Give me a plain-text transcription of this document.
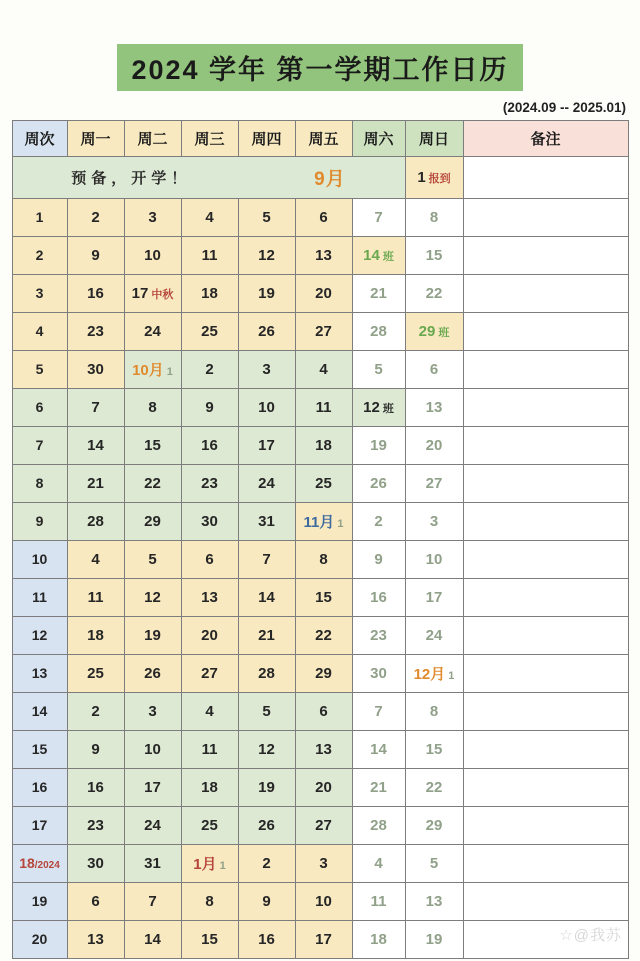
2024 学年 第一学期工作日历
(2024.09 -- 2025.01)
周次	周一	周二	周三	周四	周五	周六	周日	备注

预备，开学！ 9月							1 报到	
1	2	3	4	5	6	7	8	
2	9	10	11	12	13	14 班	15	
3	16	17 中秋	18	19	20	21	22	
4	23	24	25	26	27	28	29 班	
5	30	10月 1	2	3	4	5	6	
6	7	8	9	10	11	12 班	13	
7	14	15	16	17	18	19	20	
8	21	22	23	24	25	26	27	
9	28	29	30	31	11月 1	2	3	
10	4	5	6	7	8	9	10	
11	11	12	13	14	15	16	17	
12	18	19	20	21	22	23	24	
13	25	26	27	28	29	30	12月 1	
14	2	3	4	5	6	7	8	
15	9	10	11	12	13	14	15	
16	16	17	18	19	20	21	22	
17	23	24	25	26	27	28	29	
18/2024	30	31	1月 1	2	3	4	5	
19	6	7	8	9	10	11	13	
20	13	14	15	16	17	18	19		☆@我苏
